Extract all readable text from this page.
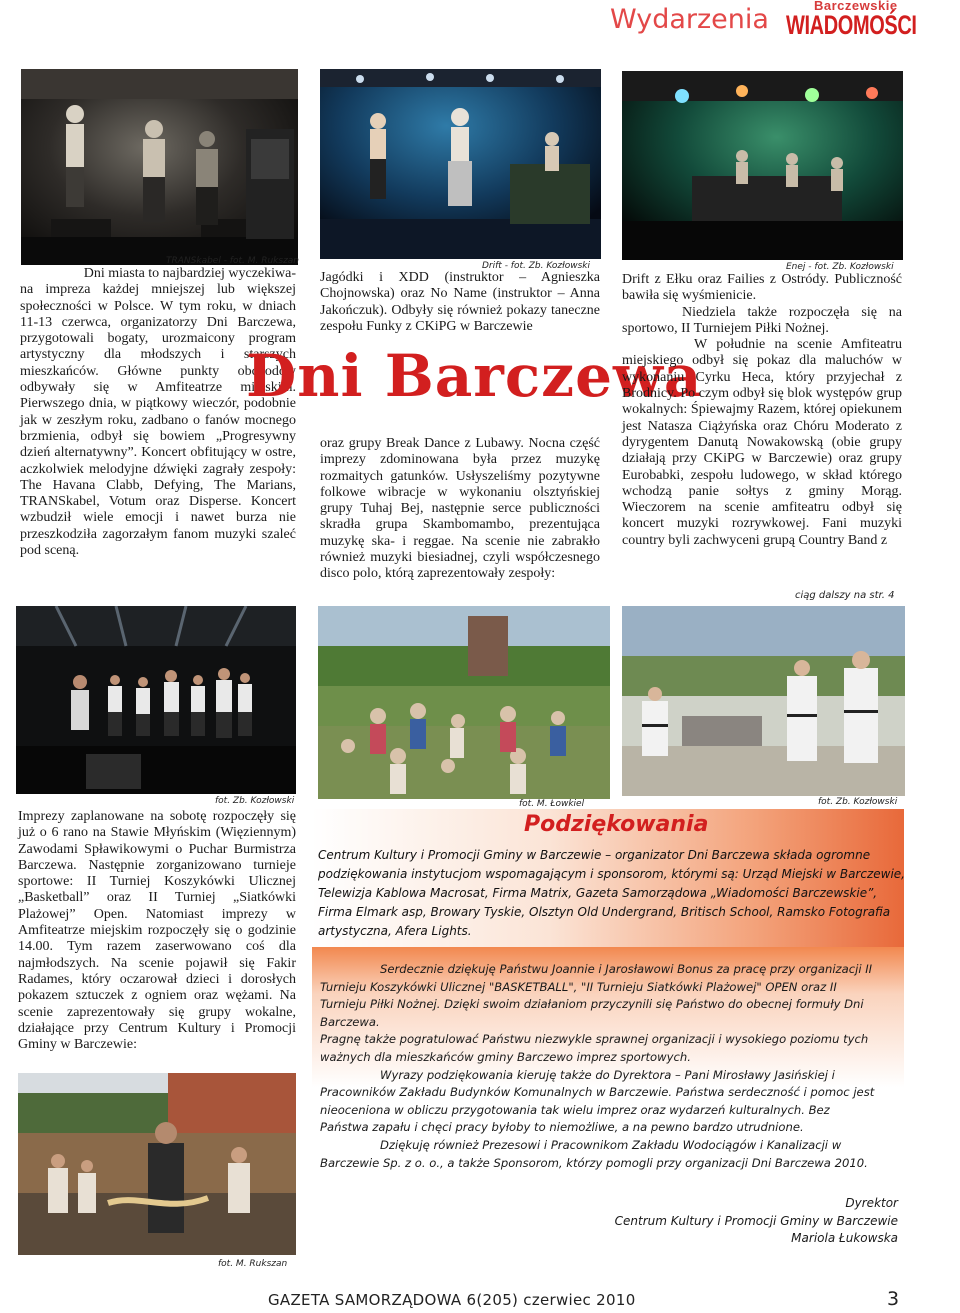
Wydarzenia	Barczewskie
WIADOMOŚCI
TRANSkabel - fot. M. Rukszan	Drift - fot. Zb. Kozłowski	Enej - fot. Zb. Kozłowski

Dni miasta to najbardziej wyczekiwa-

na impreza każdej mniejszej lub większej społeczności w Polsce. W tym roku, w dniach 11-13 czerwca, organizatorzy Dni Barczewa, przygotowali bogaty, urozmaicony program artystyczny dla młodszych i starszych mieszkańców. Główne punkty obchodów odbywały się w Amfiteatrze miejskim. Pierwszego dnia, w piątkowy wieczór, podobnie jak w zeszłym roku, zadbano o fanów mocnego brzmienia, odbył się bowiem „Progresywny dzień alternatywny”. Koncert obfitujący w ostre, aczkolwiek melodyjne dźwięki zagrały zespoły: The Havana Clabb, Defying, The Marians, TRANSkabel, Votum oraz Disperse. Koncert wzbudził wiele emocji i nawet burza nie przeszkodziła zagorzałym fanom muzyki szaleć pod sceną.

Jagódki i XDD (instruktor – Agnieszka Chojnowska) oraz No Name (instruktor – Anna Jakończuk). Odbyły się również pokazy taneczne zespołu Funky z CKiPG w Barczewie

Dni Barczewa

oraz grupy Break Dance z Lubawy. Nocna część imprezy zdominowana była przez muzykę rozmaitych gatunków. Usłyszeliśmy pozytywne folkowe wibracje w wykonaniu olsztyńskiej grupy Tuhaj Bej, następnie serce publiczności skradła grupa Skambomambo, prezentująca muzykę ska- i reggae. Na scenie nie zabrakło również muzyki biesiadnej, czyli współczesnego disco polo, którą zaprezentowały zespoły:

Drift z Ełku oraz Failies z Ostródy. Publiczność bawiła się wyśmienicie.

Niedziela także rozpoczęła się na sportowo, II Turniejem Piłki Nożnej.

W południe na scenie Amfiteatru miejskiego odbył się pokaz dla maluchów w wykonaniu Cyrku Heca, który przyjechał z Brodnicy. Po czym odbył się blok występów grup wokalnych: Śpiewajmy Razem, której opiekunem jest Natasza Ciążyńska oraz Chóru Moderato z dyrygentem Danutą Nowakowską (obie grupy działają przy CKiPG w Barczewie) oraz grupy Eurobabki, zespołu ludowego, w skład którego wchodzą panie sołtys z gminy Morąg. Wieczorem na scenie amfiteatru odbył się koncert muzyki rozrywkowej. Fani muzyki country byli zachwyceni grupą Country Band z

ciąg dalszy na str. 4
fot. Zb. Kozłowski	fot. M. Łowkiel	fot. Zb. Kozłowski

Imprezy zaplanowane na sobotę rozpoczęły się już o 6 rano na Stawie Młyńskim (Więziennym) Zawodami Spławikowymi o Puchar Burmistrza Barczewa. Następnie zorganizowano turnieje sportowe: II Turniej Koszykówki Ulicznej „Basketball” oraz II Turniej „Siatkówki Plażowej” Open. Natomiast imprezy w Amfiteatrze miejskim rozpoczęły się o godzinie 14.00. Tym razem zaserwowano coś dla najmłodszych. Na scenie pojawił się Fakir Radames, który oczarował dzieci i dorosłych pokazem sztuczek z ogniem oraz wężami. Na scenie zaprezentowały się grupy wokalne, działające przy Centrum Kultury i Promocji Gminy w Barczewie:

fot. M. Rukszan
Podziękowania

Centrum Kultury i Promocji Gminy w Barczewie – organizator Dni Barczewa składa ogromne podziękowania instytucjom wspomagającym i sponsorom, którymi są: Urząd Miejski w Barczewie, Telewizja Kablowa Macrosat, Firma Matrix, Gazeta Samorządowa „Wiadomości Barczewskie”, Firma Elmark asp, Browary Tyskie, Olsztyn Old Undergrand, Britisch School, Ramsko Fotografia artystyczna, Afera Lights.

Serdecznie dziękuję Państwu Joannie i Jarosławowi Bonus za pracę przy organizacji II Turnieju Koszykówki Ulicznej "BASKETBALL", "II Turnieju Siatkówki Plażowej" OPEN oraz II Turnieju Piłki Nożnej. Dzięki swoim działaniom przyczynili się Państwo do obecnej formuły Dni Barczewa.

Pragnę także pogratulować Państwu niezwykle sprawnej organizacji i wysokiego poziomu tych ważnych dla mieszkańców gminy Barczewo imprez sportowych.

Wyrazy podziękowania kieruję także do Dyrektora – Pani Mirosławy Jasińskiej i Pracowników Zakładu Budynków Komunalnych w Barczewie. Państwa serdeczność i pomoc jest nieoceniona w obliczu przygotowania tak wielu imprez oraz wydarzeń kulturalnych. Bez Państwa zapału i chęci pracy byłoby to niemożliwe, a na pewno bardzo utrudnione.

Dziękuję również Prezesowi i Pracownikom Zakładu Wodociągów i Kanalizacji w Barczewie Sp. z o. o., a także Sponsorom, którzy pomogli przy organizacji Dni Barczewa 2010.

Dyrektor
Centrum Kultury i Promocji Gminy w Barczewie
Mariola Łukowska
GAZETA SAMORZĄDOWA 6(205) czerwiec 2010	3
